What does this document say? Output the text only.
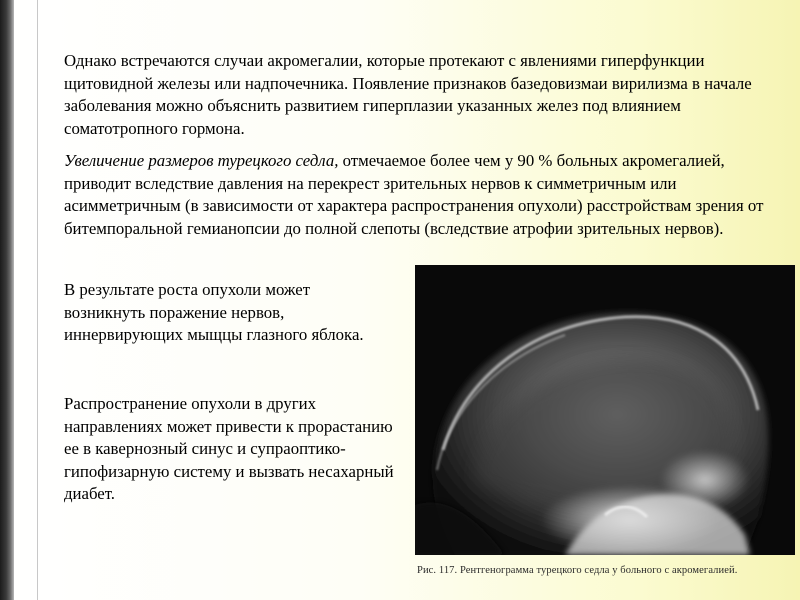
Однако встречаются случаи акромегалии, которые протекают с явлениями гиперфункции щитовидной железы или надпочечника. Появление признаков базедовизмаи вирилизма в начале заболевания можно объяснить развитием гиперплазии указанных желез под влиянием соматотропного гормона.

Увеличение размеров турецкого седла, отмечаемое более чем у 90 % больных акромегалией, приводит вследствие давления на перекрест зрительных нервов к симметричным или асимметричным (в зависимости от характера распространения опухоли) расстройствам зрения от битемпоральной гемианопсии до полной слепоты (вследствие атрофии зрительных нервов).

В результате роста опухоли может возникнуть поражение нервов, иннервирующих мыщцы глазного яблока.

Распространение опухоли в других направлениях может привести к прорастанию ее в кавернозный синус и супраоптико-гипофизарную систему и вызвать несахарный диабет.

Рис. 117. Рентгенограмма турецкого седла у больного с акромегалией.
